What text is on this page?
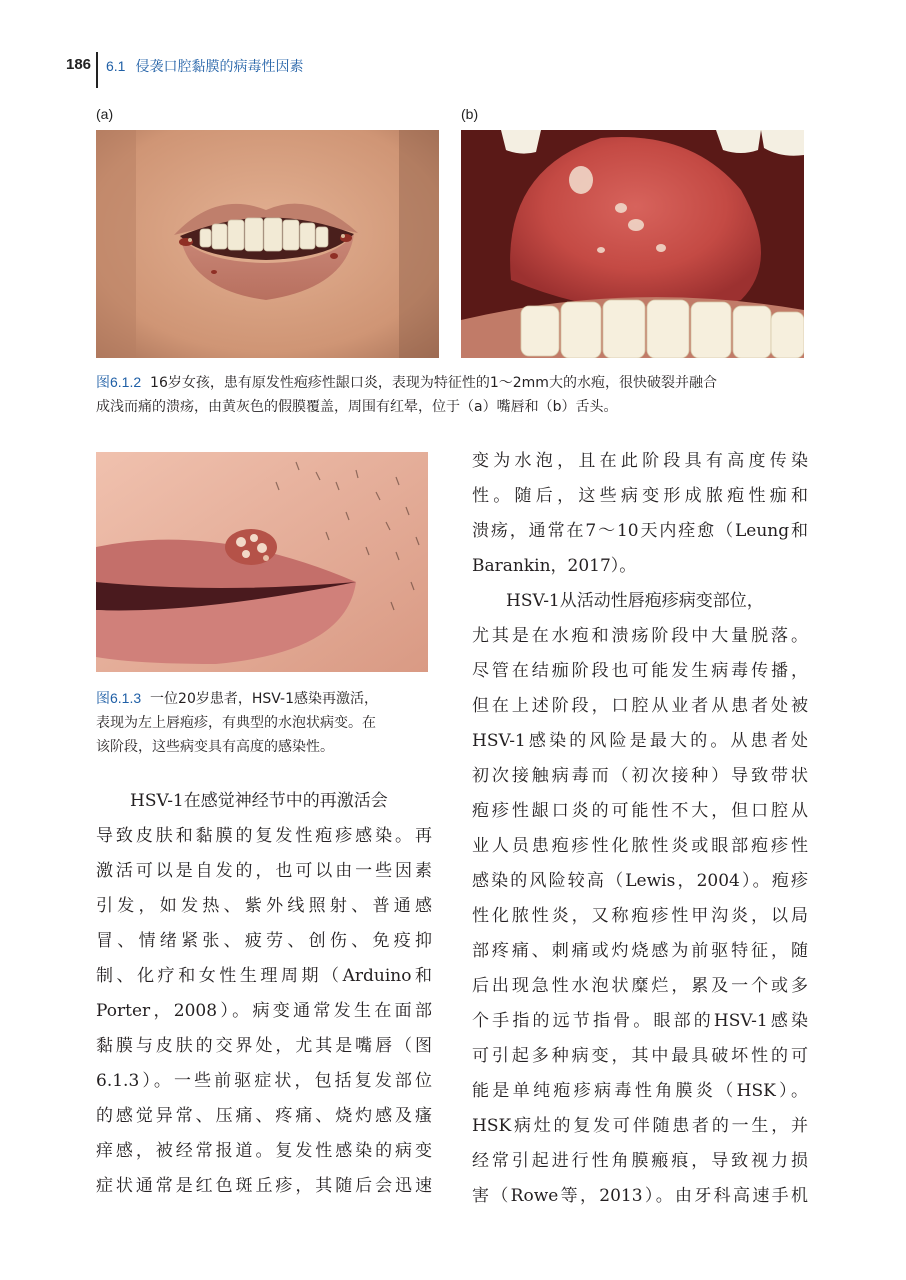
186 6.1 侵袭口腔黏膜的病毒性因素
(a)	(b)
图6.1.2 16岁女孩，患有原发性疱疹性龈口炎，表现为特征性的1～2mm大的水疱，很快破裂并融合
成浅而痛的溃疡，由黄灰色的假膜覆盖，周围有红晕，位于（a）嘴唇和（b）舌头。
图6.1.3 一位20岁患者，HSV-1感染再激活，
表现为左上唇疱疹，有典型的水泡状病变。在
该阶段，这些病变具有高度的感染性。
HSV-1在感觉神经节中的再激活会
导致皮肤和黏膜的复发性疱疹感染。再
激活可以是自发的，也可以由一些因素
引发，如发热、紫外线照射、普通感
冒、情绪紧张、疲劳、创伤、免疫抑
制、化疗和女性生理周期（Arduino和
Porter，2008）。病变通常发生在面部
黏膜与皮肤的交界处，尤其是嘴唇（图
6.1.3）。一些前驱症状，包括复发部位
的感觉异常、压痛、疼痛、烧灼感及瘙
痒感，被经常报道。复发性感染的病变
症状通常是红色斑丘疹，其随后会迅速
变为水泡，且在此阶段具有高度传染
性。随后，这些病变形成脓疱性痂和
溃疡，通常在7～10天内痊愈（Leung和
Barankin，2017）。
HSV-1从活动性唇疱疹病变部位，
尤其是在水疱和溃疡阶段中大量脱落。
尽管在结痂阶段也可能发生病毒传播，
但在上述阶段，口腔从业者从患者处被
HSV-1感染的风险是最大的。从患者处
初次接触病毒而（初次接种）导致带状
疱疹性龈口炎的可能性不大，但口腔从
业人员患疱疹性化脓性炎或眼部疱疹性
感染的风险较高（Lewis，2004）。疱疹
性化脓性炎，又称疱疹性甲沟炎，以局
部疼痛、刺痛或灼烧感为前驱特征，随
后出现急性水泡状糜烂，累及一个或多
个手指的远节指骨。眼部的HSV-1感染
可引起多种病变，其中最具破坏性的可
能是单纯疱疹病毒性角膜炎（HSK）。
HSK病灶的复发可伴随患者的一生，并
经常引起进行性角膜瘢痕，导致视力损
害（Rowe等，2013）。由牙科高速手机
